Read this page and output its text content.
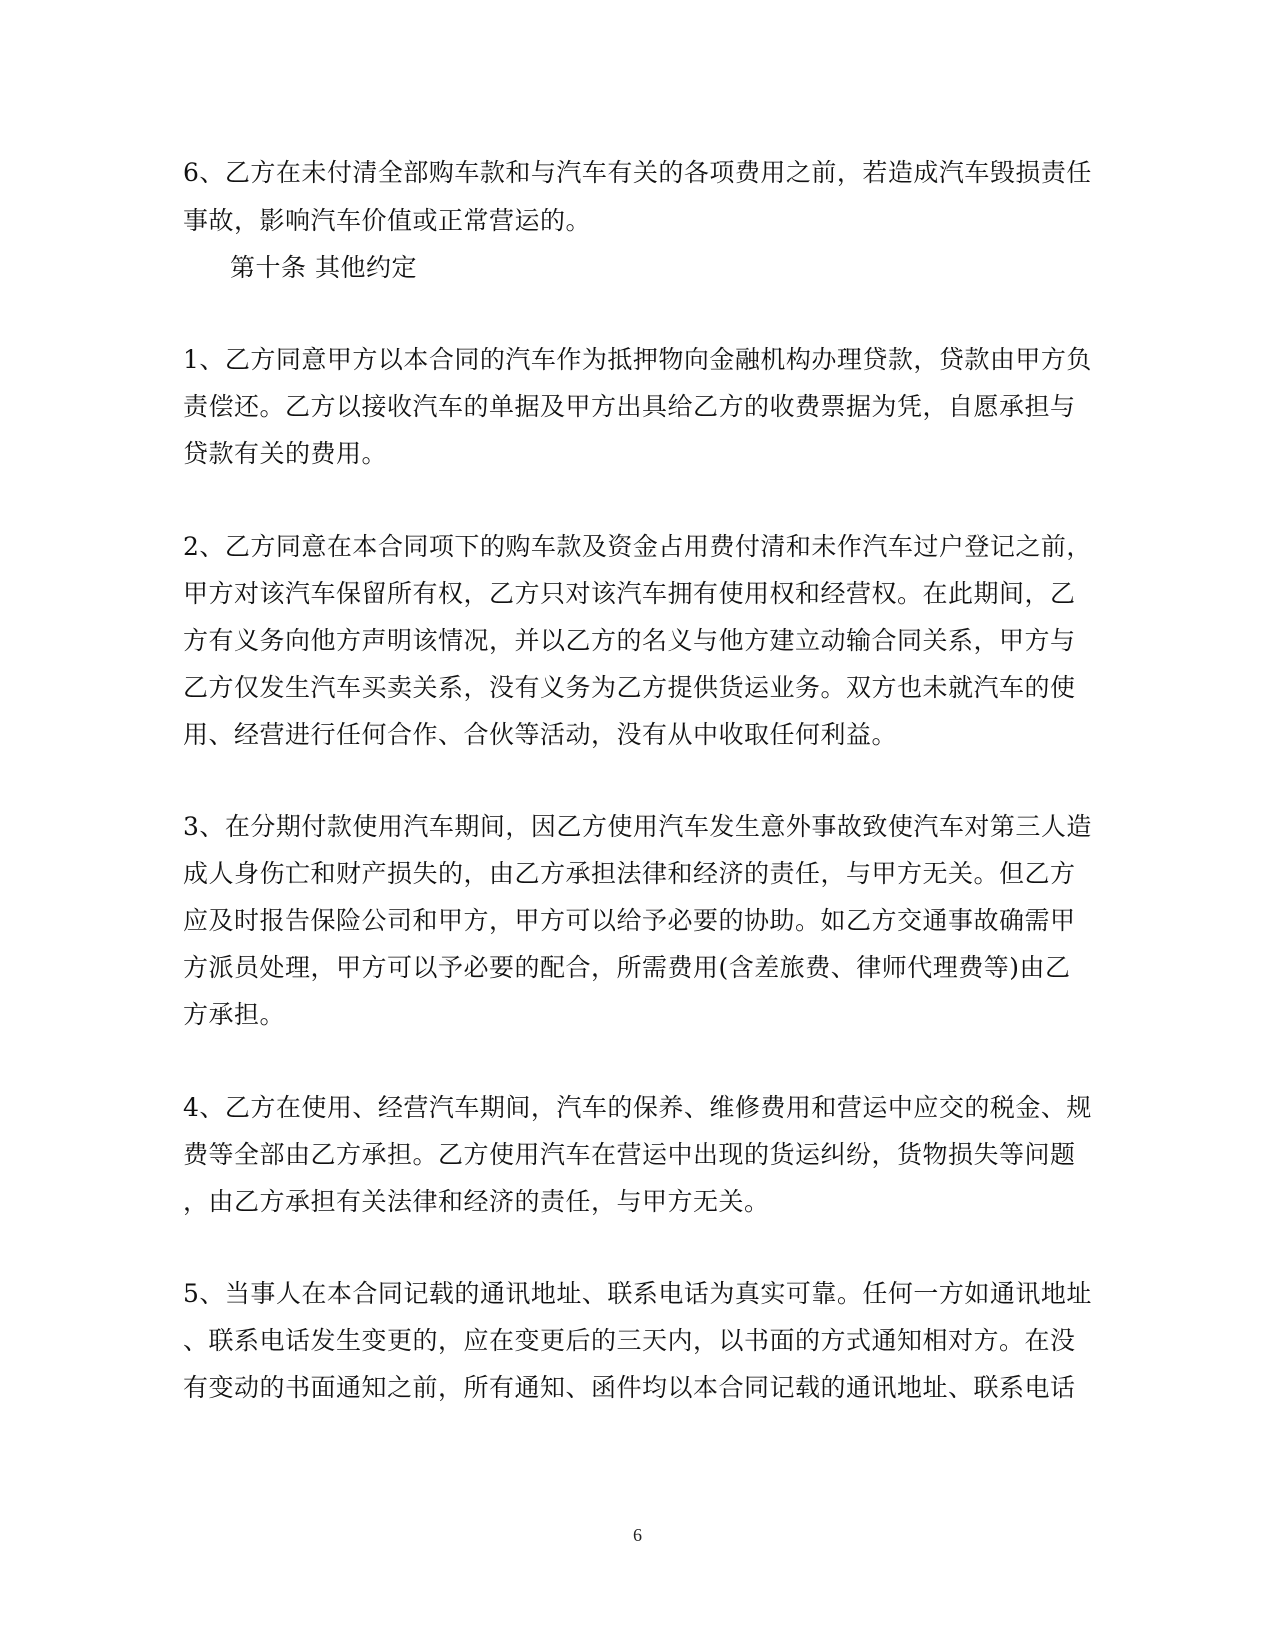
6、乙方在未付清全部购车款和与汽车有关的各项费用之前，若造成汽车毁损责任
事故，影响汽车价值或正常营运的。
第十条 其他约定
1、乙方同意甲方以本合同的汽车作为抵押物向金融机构办理贷款，贷款由甲方负
责偿还。乙方以接收汽车的单据及甲方出具给乙方的收费票据为凭，自愿承担与
贷款有关的费用。
2、乙方同意在本合同项下的购车款及资金占用费付清和未作汽车过户登记之前，
甲方对该汽车保留所有权，乙方只对该汽车拥有使用权和经营权。在此期间，乙
方有义务向他方声明该情况，并以乙方的名义与他方建立动输合同关系，甲方与
乙方仅发生汽车买卖关系，没有义务为乙方提供货运业务。双方也未就汽车的使
用、经营进行任何合作、合伙等活动，没有从中收取任何利益。
3、在分期付款使用汽车期间，因乙方使用汽车发生意外事故致使汽车对第三人造
成人身伤亡和财产损失的，由乙方承担法律和经济的责任，与甲方无关。但乙方
应及时报告保险公司和甲方，甲方可以给予必要的协助。如乙方交通事故确需甲
方派员处理，甲方可以予必要的配合，所需费用(含差旅费、律师代理费等)由乙
方承担。
4、乙方在使用、经营汽车期间，汽车的保养、维修费用和营运中应交的税金、规
费等全部由乙方承担。乙方使用汽车在营运中出现的货运纠纷，货物损失等问题
，由乙方承担有关法律和经济的责任，与甲方无关。
5、当事人在本合同记载的通讯地址、联系电话为真实可靠。任何一方如通讯地址
、联系电话发生变更的，应在变更后的三天内，以书面的方式通知相对方。在没
有变动的书面通知之前，所有通知、函件均以本合同记载的通讯地址、联系电话
6
